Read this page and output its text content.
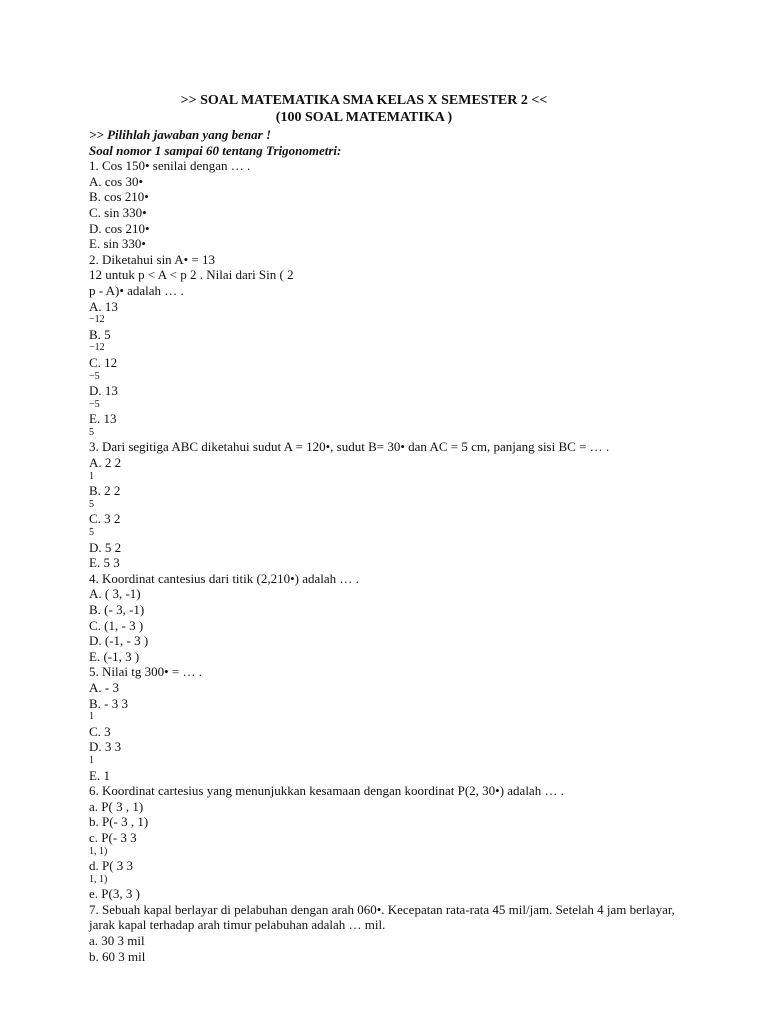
>> SOAL MATEMATIKA SMA KELAS X SEMESTER 2 <<
(100 SOAL MATEMATIKA )
>> Pilihlah jawaban yang benar !
Soal nomor 1 sampai 60 tentang Trigonometri:
1. Cos 150• senilai dengan … .
A. cos 30•
B. cos 210•
C. sin 330•
D. cos 210•
E. sin 330•
2. Diketahui sin A• = 13
12 untuk p < A < p 2 . Nilai dari Sin ( 2
p - A)• adalah … .
A. 13
−12
B. 5
−12
C. 12
−5
D. 13
−5
E. 13
5
3. Dari segitiga ABC diketahui sudut A = 120•, sudut B= 30• dan AC = 5 cm, panjang sisi BC = … .
A. 2 2
1
B. 2 2
5
C. 3 2
5
D. 5 2
E. 5 3
4. Koordinat cantesius dari titik (2,210•) adalah … .
A. ( 3, -1)
B. (- 3, -1)
C. (1, - 3 )
D. (-1, - 3 )
E. (-1, 3 )
5. Nilai tg 300• = … .
A. - 3
B. - 3 3
1
C. 3
D. 3 3
1
E. 1
6. Koordinat cartesius yang menunjukkan kesamaan dengan koordinat P(2, 30•) adalah … .
a. P( 3 , 1)
b. P(- 3 , 1)
c. P(- 3 3
1, 1)
d. P( 3 3
1, 1)
e. P(3, 3 )
7. Sebuah kapal berlayar di pelabuhan dengan arah 060•. Kecepatan rata-rata 45 mil/jam. Setelah 4 jam berlayar,
jarak kapal terhadap arah timur pelabuhan adalah … mil.
a. 30 3 mil
b. 60 3 mil
